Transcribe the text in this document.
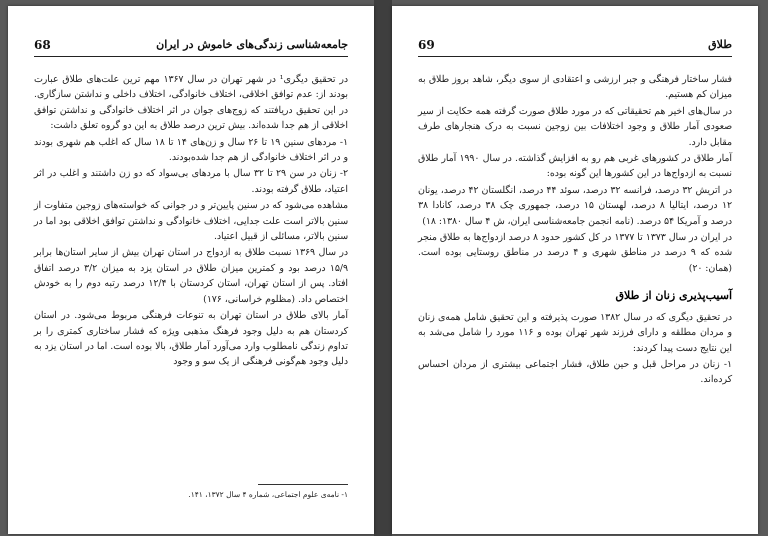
جامعه‌شناسی زندگی‌های خاموش در ایران
68

در تحقیق دیگری¹ در شهر تهران در سال ۱۳۶۷ مهم ترین علت‌های طلاق عبارت بودند از: عدم توافق اخلاقی، اختلاف خانوادگی، اختلاف داخلی و نداشتن سازگاری. در این تحقیق دریافتند که زوج‌های جوان در اثر اختلاف خانوادگی و نداشتن توافق اخلاقی از هم جدا شده‌اند. بیش ترین درصد طلاق به این دو گروه تعلق داشت:

۱- مردهای سنین ۱۹ تا ۲۶ سال و زن‌های ۱۴ تا ۱۸ سال که اغلب هم شهری بودند و در اثر اختلاف خانوادگی از هم جدا شده‌بودند.

۲- زنان در سن ۲۹ تا ۳۲ سال با مردهای بی‌سواد که دو زن داشتند و اغلب در اثر اعتیاد، طلاق گرفته بودند.

مشاهده می‌شود که در سنین پایین‌تر و در جوانی که خواسته‌های زوجین متفاوت از سنین بالاتر است علت جدایی، اختلاف خانوادگی و نداشتن توافق اخلاقی بود اما در سنین بالاتر، مسائلی از قبیل اعتیاد.

در سال ۱۳۶۹ نسبت طلاق به ازدواج در استان تهران بیش از سایر استان‌ها برابر ۱۵/۹ درصد بود و کمترین میزان طلاق در استان یزد به میزان ۳/۲ درصد اتفاق افتاد. پس از استان تهران، استان کردستان با ۱۲/۴ درصد رتبه دوم را به خودش اختصاص داد. (مظلوم خراسانی، ۱۷۶)

آمار بالای طلاق در استان تهران به تنوعات فرهنگی مربوط می‌شود. در استان کردستان هم به دلیل وجود فرهنگ مذهبی ویژه که فشار ساختاری کمتری را بر تداوم زندگی نامطلوب وارد می‌آورد آمار طلاق، بالا بوده است. اما در استان یزد به دلیل وجود هم‌گونی فرهنگی از یک سو و وجود

۱- نامه‌ی علوم اجتماعی، شماره ۴ سال ۱۳۷۲، ۱۴۱.
طلاق
69

فشار ساختار فرهنگی و جبر ارزشی و اعتقادی از سوی دیگر، شاهد بروز طلاق به میزان کم هستیم.

در سال‌های اخیر هم تحقیقاتی که در مورد طلاق صورت گرفته همه حکایت از سیر صعودی آمار طلاق و وجود اختلافات بین زوجین نسبت به درک هنجارهای طرف مقابل دارد.

آمار طلاق در کشورهای غربی هم رو به افزایش گذاشته. در سال ۱۹۹۰ آمار طلاق نسبت به ازدواج‌ها در این کشورها این گونه بوده:

در اتریش ۳۲ درصد، فرانسه ۳۲ درصد، سوئد ۴۴ درصد، انگلستان ۴۲ درصد، یونان ۱۲ درصد، ایتالیا ۸ درصد، لهستان ۱۵ درصد، جمهوری چک ۳۸ درصد، کانادا ۳۸ درصد و آمریکا ۵۴ درصد. (نامه انجمن جامعه‌شناسی ایران، ش ۴ سال ۱۳۸۰: ۱۸)

در ایران در سال ۱۳۷۳ تا ۱۳۷۷ در کل کشور حدود ۸ درصد ازدواج‌ها به طلاق منجر شده که ۹ درصد در مناطق شهری و ۴ درصد در مناطق روستایی بوده است. (همان: ۲۰)

آسیب‌پذیری زنان از طلاق

در تحقیق دیگری که در سال ۱۳۸۲ صورت پذیرفته و این تحقیق شامل همه‌ی زنان و مردان مطلقه و دارای فرزند شهر تهران بوده و ۱۱۶ مورد را شامل می‌شد به این نتایج دست پیدا کردند:

۱- زنان در مراحل قبل و حین طلاق، فشار اجتماعی بیشتری از مردان احساس کرده‌اند.
